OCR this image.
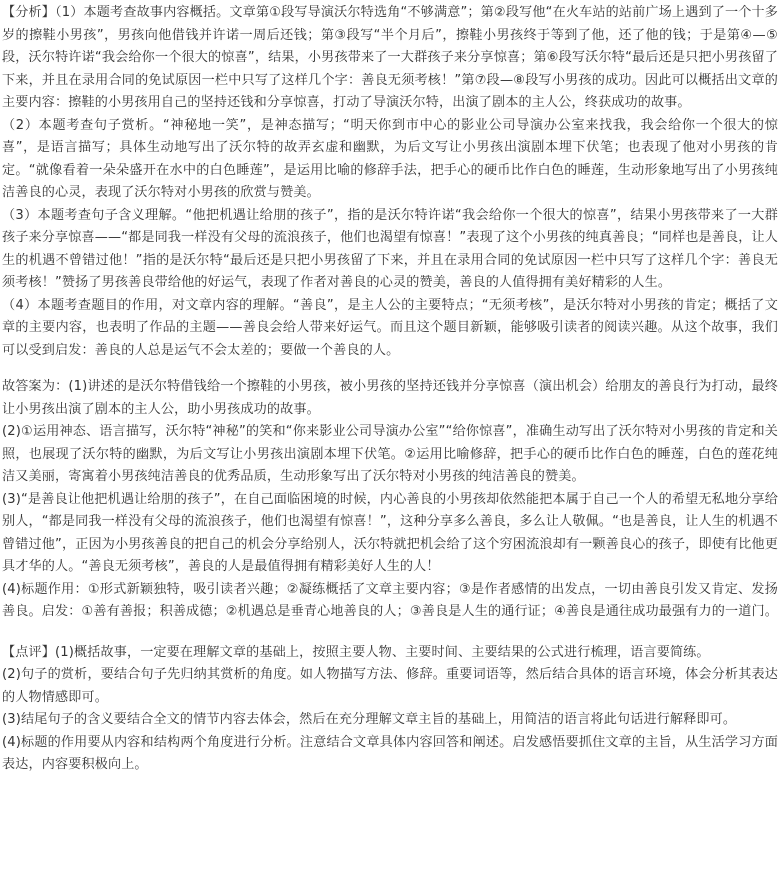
【分析】（1）本题考查故事内容概括。文章第①段写导演沃尔特选角“不够满意”；第②段写他“在火车站的站前广场上遇到了一个十多岁的擦鞋小男孩”，男孩向他借钱并许诺一周后还钱；第③段写“半个月后”，擦鞋小男孩终于等到了他，还了他的钱；于是第④—⑤段，沃尔特许诺“我会给你一个很大的惊喜”，结果，小男孩带来了一大群孩子来分享惊喜；第⑥段写沃尔特“最后还是只把小男孩留了下来，并且在录用合同的免试原因一栏中只写了这样几个字：善良无须考核！”第⑦段—⑧段写小男孩的成功。因此可以概括出文章的主要内容：擦鞋的小男孩用自己的坚持还钱和分享惊喜，打动了导演沃尔特，出演了剧本的主人公，终获成功的故事。

（2）本题考查句子赏析。“神秘地一笑”，是神态描写；“明天你到市中心的影业公司导演办公室来找我，我会给你一个很大的惊喜”，是语言描写；具体生动地写出了沃尔特的故弄玄虚和幽默，为后文写让小男孩出演剧本埋下伏笔；也表现了他对小男孩的肯定。“就像看着一朵朵盛开在水中的白色睡莲”，是运用比喻的修辞手法，把手心的硬币比作白色的睡莲，生动形象地写出了小男孩纯洁善良的心灵，表现了沃尔特对小男孩的欣赏与赞美。

（3）本题考查句子含义理解。“他把机遇让给朋的孩子”，指的是沃尔特许诺“我会给你一个很大的惊喜”，结果小男孩带来了一大群孩子来分享惊喜——“都是同我一样没有父母的流浪孩子，他们也渴望有惊喜！”表现了这个小男孩的纯真善良；“同样也是善良，让人生的机遇不曾错过他！”指的是沃尔特“最后还是只把小男孩留了下来，并且在录用合同的免试原因一栏中只写了这样几个字：善良无须考核！”赞扬了男孩善良带给他的好运气，表现了作者对善良的心灵的赞美，善良的人值得拥有美好精彩的人生。

（4）本题考查题目的作用，对文章内容的理解。“善良”，是主人公的主要特点；“无须考核”，是沃尔特对小男孩的肯定；概括了文章的主要内容，也表明了作品的主题——善良会给人带来好运气。而且这个题目新颖，能够吸引读者的阅读兴趣。从这个故事，我们可以受到启发：善良的人总是运气不会太差的；要做一个善良的人。

故答案为：(1)讲述的是沃尔特借钱给一个擦鞋的小男孩，被小男孩的坚持还钱并分享惊喜（演出机会）给朋友的善良行为打动，最终让小男孩出演了剧本的主人公，助小男孩成功的故事。

(2)①运用神态、语言描写，沃尔特“神秘”的笑和“你来影业公司导演办公室”“给你惊喜”，准确生动写出了沃尔特对小男孩的肯定和关照，也展现了沃尔特的幽默，为后文写让小男孩出演剧本埋下伏笔。②运用比喻修辞，把手心的硬币比作白色的睡莲，白色的莲花纯洁又美丽，寄寓着小男孩纯洁善良的优秀品质，生动形象写出了沃尔特对小男孩的纯洁善良的赞美。

(3)“是善良让他把机遇让给朋的孩子”，在自己面临困境的时候，内心善良的小男孩却依然能把本属于自己一个人的希望无私地分享给别人，“都是同我一样没有父母的流浪孩子，他们也渴望有惊喜！”，这种分享多么善良，多么让人敬佩。“也是善良，让人生的机遇不曾错过他”，正因为小男孩善良的把自己的机会分享给别人，沃尔特就把机会给了这个穷困流浪却有一颗善良心的孩子，即使有比他更具才华的人。“善良无须考核”，善良的人是最值得拥有精彩美好人生的人！

(4)标题作用：①形式新颖独特，吸引读者兴趣；②凝练概括了文章主要内容；③是作者感情的出发点，一切由善良引发又肯定、发扬善良。启发：①善有善报；积善成德；②机遇总是垂青心地善良的人；③善良是人生的通行证；④善良是通往成功最强有力的一道门。

【点评】(1)概括故事，一定要在理解文章的基础上，按照主要人物、主要时间、主要结果的公式进行梳理，语言要简练。

(2)句子的赏析，要结合句子先归纳其赏析的角度。如人物描写方法、修辞。重要词语等，然后结合具体的语言环境，体会分析其表达的人物情感即可。

(3)结尾句子的含义要结合全文的情节内容去体会，然后在充分理解文章主旨的基础上，用简洁的语言将此句话进行解释即可。

(4)标题的作用要从内容和结构两个角度进行分析。注意结合文章具体内容回答和阐述。启发感悟要抓住文章的主旨，从生活学习方面表达，内容要积极向上。
